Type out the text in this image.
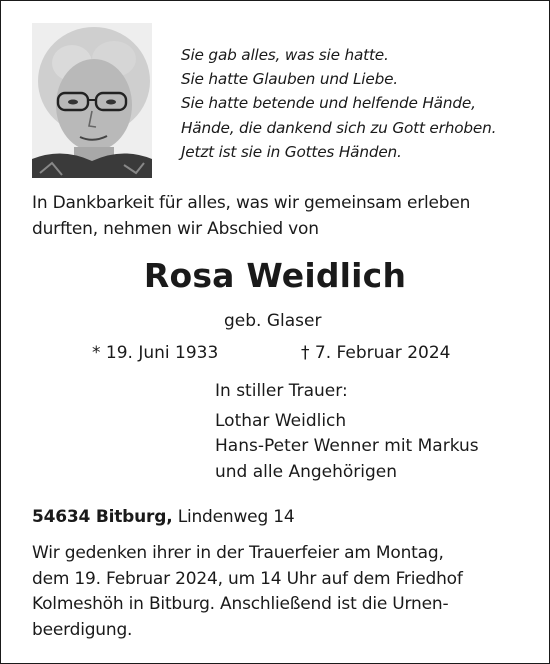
Sie gab alles, was sie hatte.
Sie hatte Glauben und Liebe.
Sie hatte betende und helfende Hände,
Hände, die dankend sich zu Gott erhoben.
Jetzt ist sie in Gottes Händen.

In Dankbarkeit für alles, was wir gemeinsam erleben
durften, nehmen wir Abschied von

Rosa Weidlich

geb. Glaser

* 19. Juni 1933	† 7. Februar 2024

In stiller Trauer:
Lothar Weidlich
Hans-Peter Wenner mit Markus
und alle Angehörigen

54634 Bitburg, Lindenweg 14

Wir gedenken ihrer in der Trauerfeier am Montag,
dem 19. Februar 2024, um 14 Uhr auf dem Friedhof
Kolmeshöh in Bitburg. Anschließend ist die Urnen-
beerdigung.
